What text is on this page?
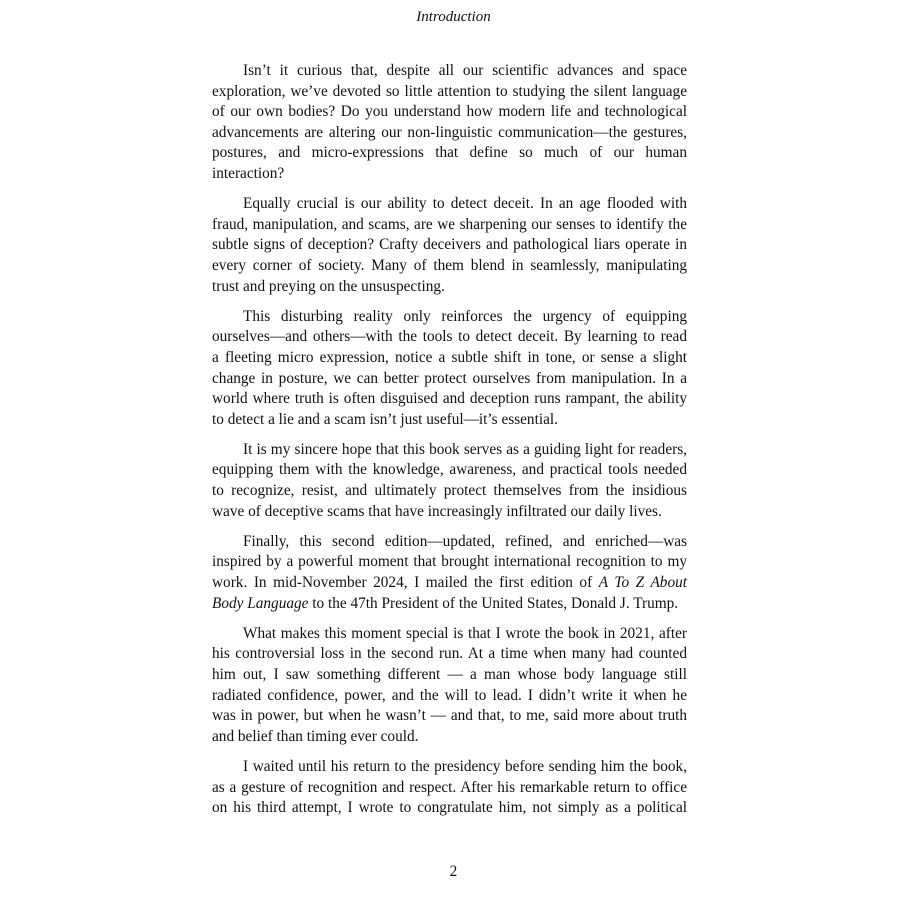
Introduction

Isn’t it curious that, despite all our scientific advances and space
exploration, we’ve devoted so little attention to studying the silent language
of our own bodies? Do you understand how modern life and technological
advancements are altering our non-linguistic communication—the gestures,
postures, and micro-expressions that define so much of our human
interaction?

Equally crucial is our ability to detect deceit. In an age flooded with
fraud, manipulation, and scams, are we sharpening our senses to identify the
subtle signs of deception? Crafty deceivers and pathological liars operate in
every corner of society. Many of them blend in seamlessly, manipulating
trust and preying on the unsuspecting.

This disturbing reality only reinforces the urgency of equipping
ourselves—and others—with the tools to detect deceit. By learning to read
a fleeting micro expression, notice a subtle shift in tone, or sense a slight
change in posture, we can better protect ourselves from manipulation. In a
world where truth is often disguised and deception runs rampant, the ability
to detect a lie and a scam isn’t just useful—it’s essential.

It is my sincere hope that this book serves as a guiding light for readers,
equipping them with the knowledge, awareness, and practical tools needed
to recognize, resist, and ultimately protect themselves from the insidious
wave of deceptive scams that have increasingly infiltrated our daily lives.

Finally, this second edition—updated, refined, and enriched—was
inspired by a powerful moment that brought international recognition to my
work. In mid-November 2024, I mailed the first edition of A To Z About
Body Language to the 47th President of the United States, Donald J. Trump.

What makes this moment special is that I wrote the book in 2021, after
his controversial loss in the second run. At a time when many had counted
him out, I saw something different — a man whose body language still
radiated confidence, power, and the will to lead. I didn’t write it when he
was in power, but when he wasn’t — and that, to me, said more about truth
and belief than timing ever could.

I waited until his return to the presidency before sending him the book,
as a gesture of recognition and respect. After his remarkable return to office
on his third attempt, I wrote to congratulate him, not simply as a political

2
